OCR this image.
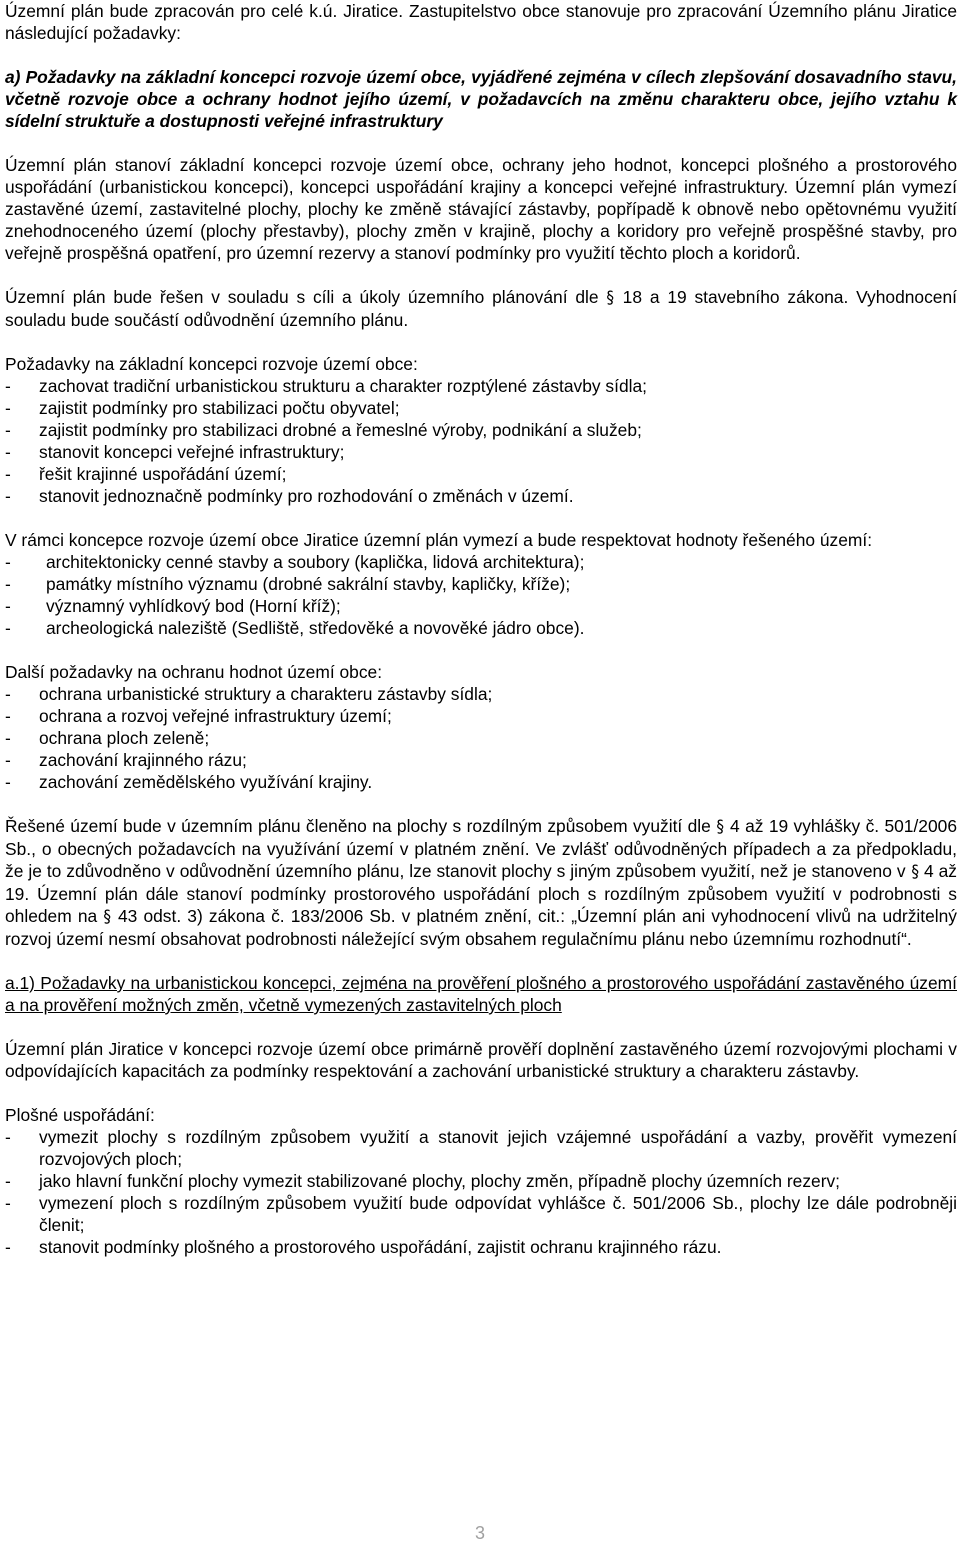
Územní plán bude zpracován pro celé k.ú. Jiratice. Zastupitelstvo obce stanovuje pro zpracování Územního plánu Jiratice následující požadavky:

a) Požadavky na základní koncepci rozvoje území obce, vyjádřené zejména v cílech zlepšování dosavadního stavu, včetně rozvoje obce a ochrany hodnot jejího území, v požadavcích na změnu charakteru obce, jejího vztahu k sídelní struktuře a dostupnosti veřejné infrastruktury

Územní plán stanoví základní koncepci rozvoje území obce, ochrany jeho hodnot, koncepci plošného a prostorového uspořádání (urbanistickou koncepci), koncepci uspořádání krajiny a koncepci veřejné infrastruktury. Územní plán vymezí zastavěné území, zastavitelné plochy, plochy ke změně stávající zástavby, popřípadě k obnově nebo opětovnému využití znehodnoceného území (plochy přestavby), plochy změn v krajině, plochy a koridory pro veřejně prospěšné stavby, pro veřejně prospěšná opatření, pro územní rezervy a stanoví podmínky pro využití těchto ploch a koridorů.

Územní plán bude řešen v souladu s cíli a úkoly územního plánování dle § 18 a 19 stavebního zákona. Vyhodnocení souladu bude součástí odůvodnění územního plánu.

Požadavky na základní koncepci rozvoje území obce:

-	zachovat tradiční urbanistickou strukturu a charakter rozptýlené zástavby sídla;
-	zajistit podmínky pro stabilizaci počtu obyvatel;
-	zajistit podmínky pro stabilizaci drobné a řemeslné výroby, podnikání a služeb;
-	stanovit koncepci veřejné infrastruktury;
-	řešit krajinné uspořádání území;
-	stanovit jednoznačně podmínky pro rozhodování o změnách v území.

V rámci koncepce rozvoje území obce Jiratice územní plán vymezí a bude respektovat hodnoty řešeného území:

-	architektonicky cenné stavby a soubory (kaplička, lidová architektura);
-	památky místního významu (drobné sakrální stavby, kapličky, kříže);
-	významný vyhlídkový bod (Horní kříž);
-	archeologická naleziště (Sedliště, středověké a novověké jádro obce).

Další požadavky na ochranu hodnot území obce:

-	ochrana urbanistické struktury a charakteru zástavby sídla;
-	ochrana a rozvoj veřejné infrastruktury území;
-	ochrana ploch zeleně;
-	zachování krajinného rázu;
-	zachování zemědělského využívání krajiny.

Řešené území bude v územním plánu členěno na plochy s rozdílným způsobem využití dle § 4 až 19 vyhlášky č. 501/2006 Sb., o obecných požadavcích na využívání území v platném znění. Ve zvlášť odůvodněných případech a za předpokladu, že je to zdůvodněno v odůvodnění územního plánu, lze stanovit plochy s jiným způsobem využití, než je stanoveno v § 4 až 19. Územní plán dále stanoví podmínky prostorového uspořádání ploch s rozdílným způsobem využití v podrobnosti s ohledem na § 43 odst. 3) zákona č. 183/2006 Sb. v platném znění, cit.: „Územní plán ani vyhodnocení vlivů na udržitelný rozvoj území nesmí obsahovat podrobnosti náležející svým obsahem regulačnímu plánu nebo územnímu rozhodnutí“.

a.1) Požadavky na urbanistickou koncepci, zejména na prověření plošného a prostorového uspořádání zastavěného území a na prověření možných změn, včetně vymezených zastavitelných ploch

Územní plán Jiratice v koncepci rozvoje území obce primárně prověří doplnění zastavěného území rozvojovými plochami v odpovídajících kapacitách za podmínky respektování a zachování urbanistické struktury a charakteru zástavby.

Plošné uspořádání:

-	vymezit plochy s rozdílným způsobem využití a stanovit jejich vzájemné uspořádání a vazby, prověřit vymezení rozvojových ploch;
-	jako hlavní funkční plochy vymezit stabilizované plochy, plochy změn, případně plochy územních rezerv;
-	vymezení ploch s rozdílným způsobem využití bude odpovídat vyhlášce č. 501/2006 Sb., plochy lze dále podrobněji členit;
-	stanovit podmínky plošného a prostorového uspořádání, zajistit ochranu krajinného rázu.
3
